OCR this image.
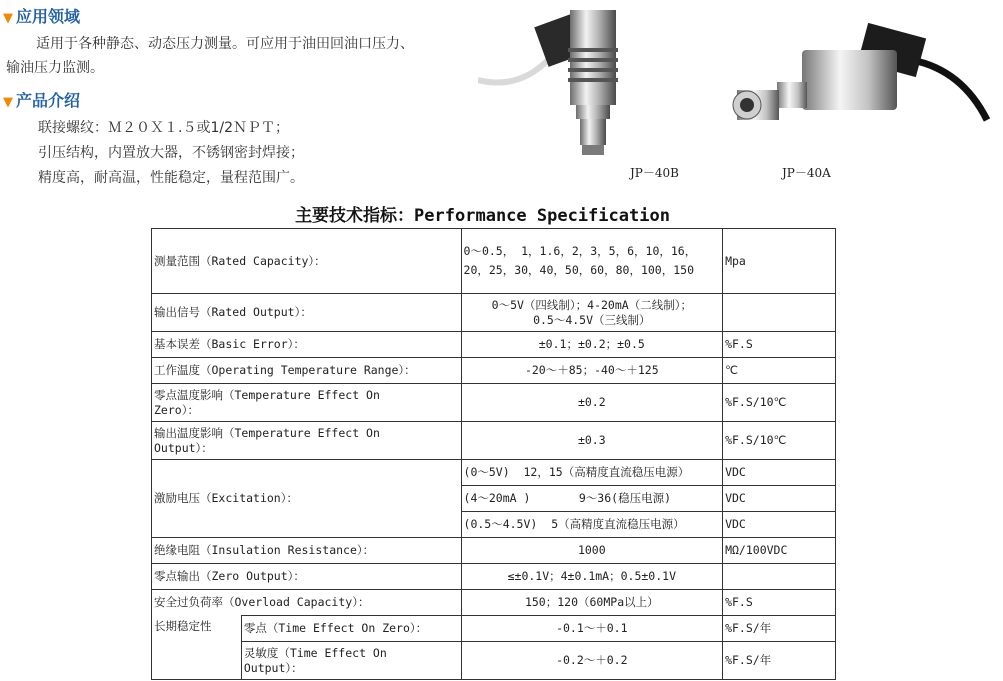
▼ 应用领域
适用于各种静态、动态压力测量。可应用于油田回油口压力、
输油压力监测。
▼ 产品介绍
联接螺纹：Ｍ２０Ｘ１.５或1/2ＮＰＴ；
引压结构，内置放大器，不锈钢密封焊接；
精度高，耐高温，性能稳定，量程范围广。	JP－40B	JP－40A
主要技术指标：Performance Specification
测量范围（Rated Capacity）：		0～0.5， 1，1.6，2，3，5，6，10，16，
20，25，30，40，50，60，80，100，150	Mpa
输出信号（Rated Output）：		0～5V（四线制）；4-20mA（二线制）；
0.5～4.5V（三线制）	

基本误差（Basic Error）：		±0.1；±0.2；±0.5	%F.S
工作温度（Operating Temperature Range）：		-20～＋85；-40～＋125	℃

零点温度影响（Temperature Effect On
Zero）：		±0.2	%F.S/10℃

输出温度影响（Temperature Effect On
Output）：		±0.3	%F.S/10℃
激励电压（Excitation）：		(0～5V) 12，15（高精度直流稳压电源）	VDC
		(4～20mA ) 9～36(稳压电源)	VDC
		(0.5～4.5V) 5（高精度直流稳压电源）	VDC
绝缘电阻（Insulation Resistance）：		1000	MΩ/100VDC
零点输出（Zero Output）：		≤±0.1V；4±0.1mA；0.5±0.1V	
安全过负荷率（Overload Capacity）：		150；120（60MPa以上）	%F.S
长期稳定性	零点（Time Effect On Zero）：	-0.1～＋0.1	%F.S/年

	灵敏度（Time Effect On
Output）：	-0.2～＋0.2	%F.S/年
